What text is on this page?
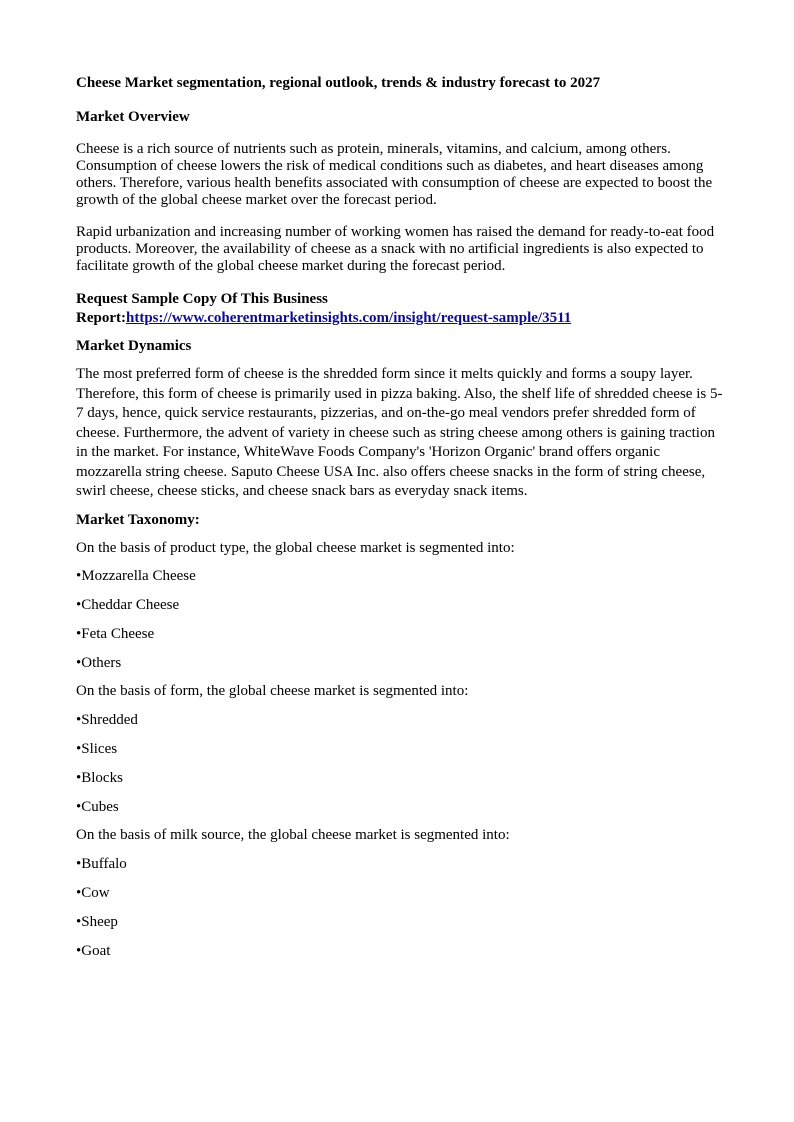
Cheese Market segmentation, regional outlook, trends & industry forecast to 2027
Market Overview

Cheese is a rich source of nutrients such as protein, minerals, vitamins, and calcium, among others. Consumption of cheese lowers the risk of medical conditions such as diabetes, and heart diseases among others. Therefore, various health benefits associated with consumption of cheese are expected to boost the growth of the global cheese market over the forecast period.

Rapid urbanization and increasing number of working women has raised the demand for ready-to-eat food products. Moreover, the availability of cheese as a snack with no artificial ingredients is also expected to facilitate growth of the global cheese market during the forecast period.

Request Sample Copy Of This Business
Report:https://www.coherentmarketinsights.com/insight/request-sample/3511
Market Dynamics

The most preferred form of cheese is the shredded form since it melts quickly and forms a soupy layer. Therefore, this form of cheese is primarily used in pizza baking. Also, the shelf life of shredded cheese is 5-7 days, hence, quick service restaurants, pizzerias, and on-the-go meal vendors prefer shredded form of cheese. Furthermore, the advent of variety in cheese such as string cheese among others is gaining traction in the market. For instance, WhiteWave Foods Company's 'Horizon Organic' brand offers organic mozzarella string cheese. Saputo Cheese USA Inc. also offers cheese snacks in the form of string cheese, swirl cheese, cheese sticks, and cheese snack bars as everyday snack items.

Market Taxonomy:
On the basis of product type, the global cheese market is segmented into:
•Mozzarella Cheese
•Cheddar Cheese
•Feta Cheese
•Others
On the basis of form, the global cheese market is segmented into:
•Shredded
•Slices
•Blocks
•Cubes
On the basis of milk source, the global cheese market is segmented into:
•Buffalo
•Cow
•Sheep
•Goat
